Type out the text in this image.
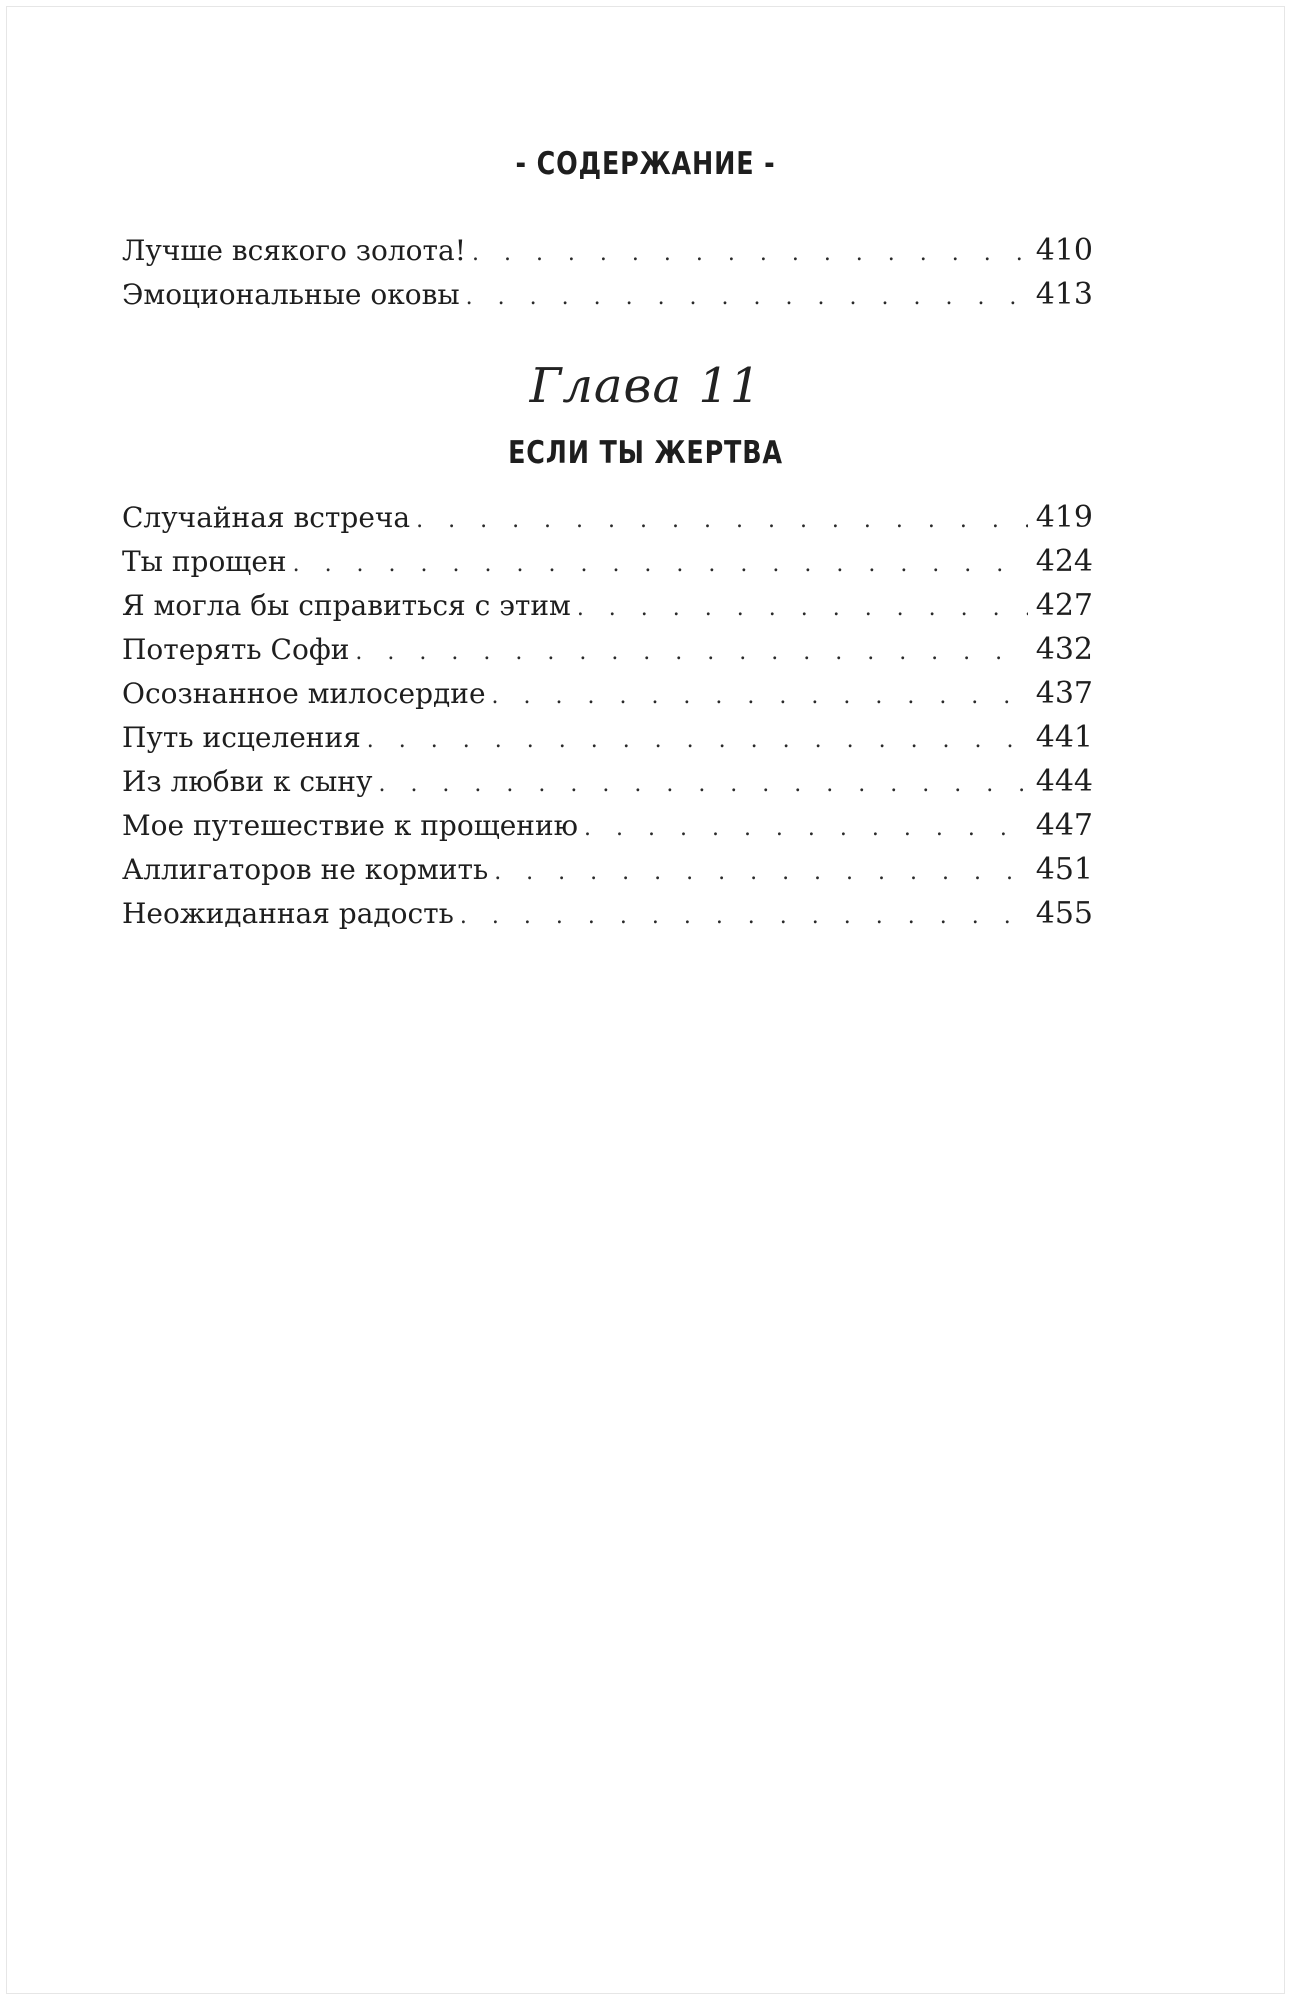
- СОДЕРЖАНИЕ -
Лучше всякого золота! . . .	410
Эмоциональные оковы . . .	413
Глава 11
ЕСЛИ ТЫ ЖЕРТВА
Случайная встреча . . .	419
Ты прощен . . .	424
Я могла бы справиться с этим . . .	427
Потерять Софи . . .	432
Осознанное милосердие . . .	437
Путь исцеления . . .	441
Из любви к сыну . . .	444
Мое путешествие к прощению . . .	447
Аллигаторов не кормить . . .	451
Неожиданная радость . . .	455
